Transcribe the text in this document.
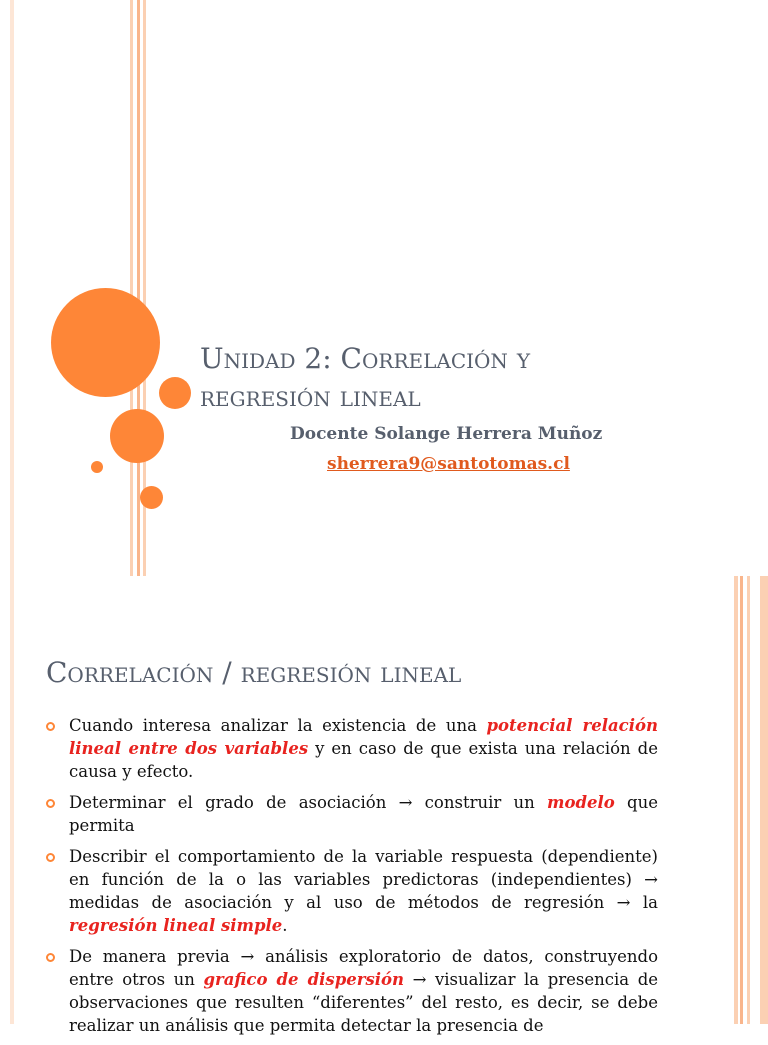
Unidad 2: Correlación y
regresión lineal

Docente Solange Herrera Muñoz

sherrera9@santotomas.cl
Correlación / regresión lineal
Cuando interesa analizar la existencia de una potencial relación lineal entre dos variables y en caso de que exista una relación de causa y efecto.
Determinar el grado de asociación → construir un modelo que permita
Describir el comportamiento de la variable respuesta (dependiente) en función de la o las variables predictoras (independientes) → medidas de asociación y al uso de métodos de regresión → la regresión lineal simple.
De manera previa → análisis exploratorio de datos, construyendo entre otros un grafico de dispersión → visualizar la presencia de observaciones que resulten “diferentes” del resto, es decir, se debe realizar un análisis que permita detectar la presencia de
